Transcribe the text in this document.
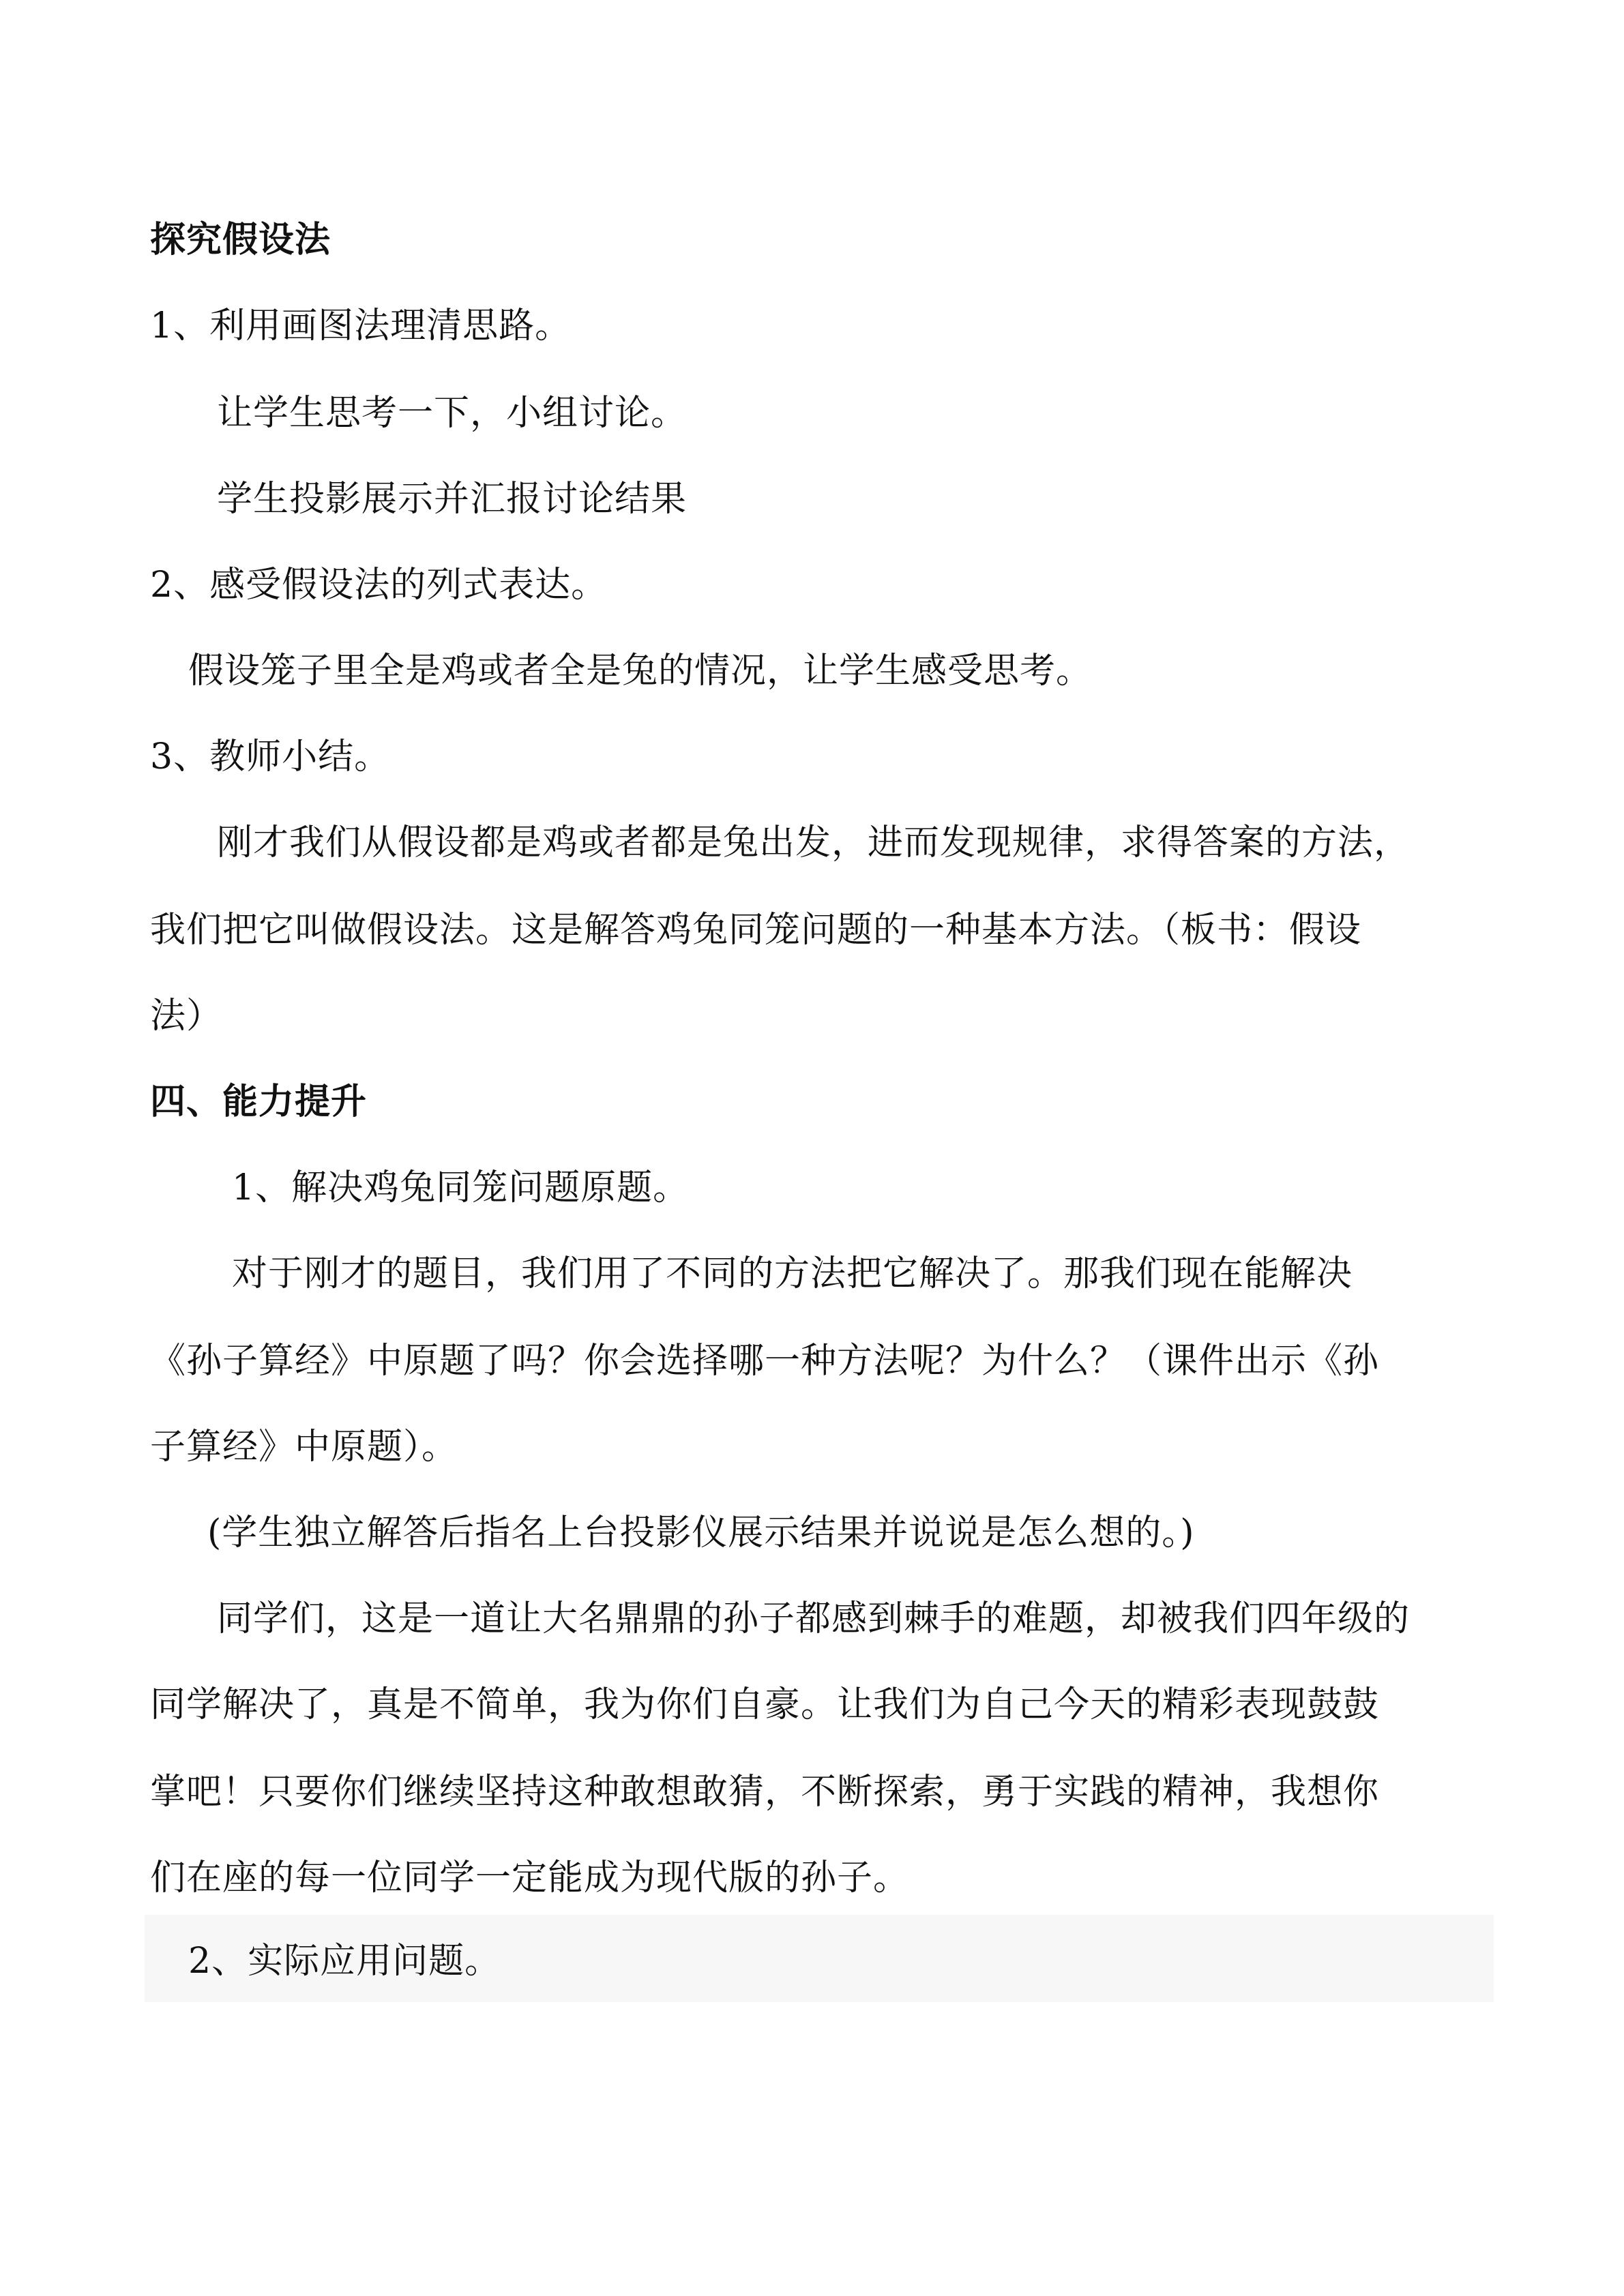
探究假设法
1、利用画图法理清思路。
让学生思考一下，小组讨论。
学生投影展示并汇报讨论结果
2、感受假设法的列式表达。
假设笼子里全是鸡或者全是兔的情况，让学生感受思考。
3、教师小结。
刚才我们从假设都是鸡或者都是兔出发，进而发现规律，求得答案的方法，
我们把它叫做假设法。这是解答鸡兔同笼问题的一种基本方法。（板书：假设
法）
四、能力提升
1、解决鸡兔同笼问题原题。
对于刚才的题目，我们用了不同的方法把它解决了。那我们现在能解决
《孙子算经》中原题了吗？你会选择哪一种方法呢？为什么？（课件出示《孙
子算经》中原题）。
(学生独立解答后指名上台投影仪展示结果并说说是怎么想的。)
同学们，这是一道让大名鼎鼎的孙子都感到棘手的难题，却被我们四年级的
同学解决了，真是不简单，我为你们自豪。让我们为自己今天的精彩表现鼓鼓
掌吧！只要你们继续坚持这种敢想敢猜，不断探索，勇于实践的精神，我想你
们在座的每一位同学一定能成为现代版的孙子。
2、实际应用问题。
